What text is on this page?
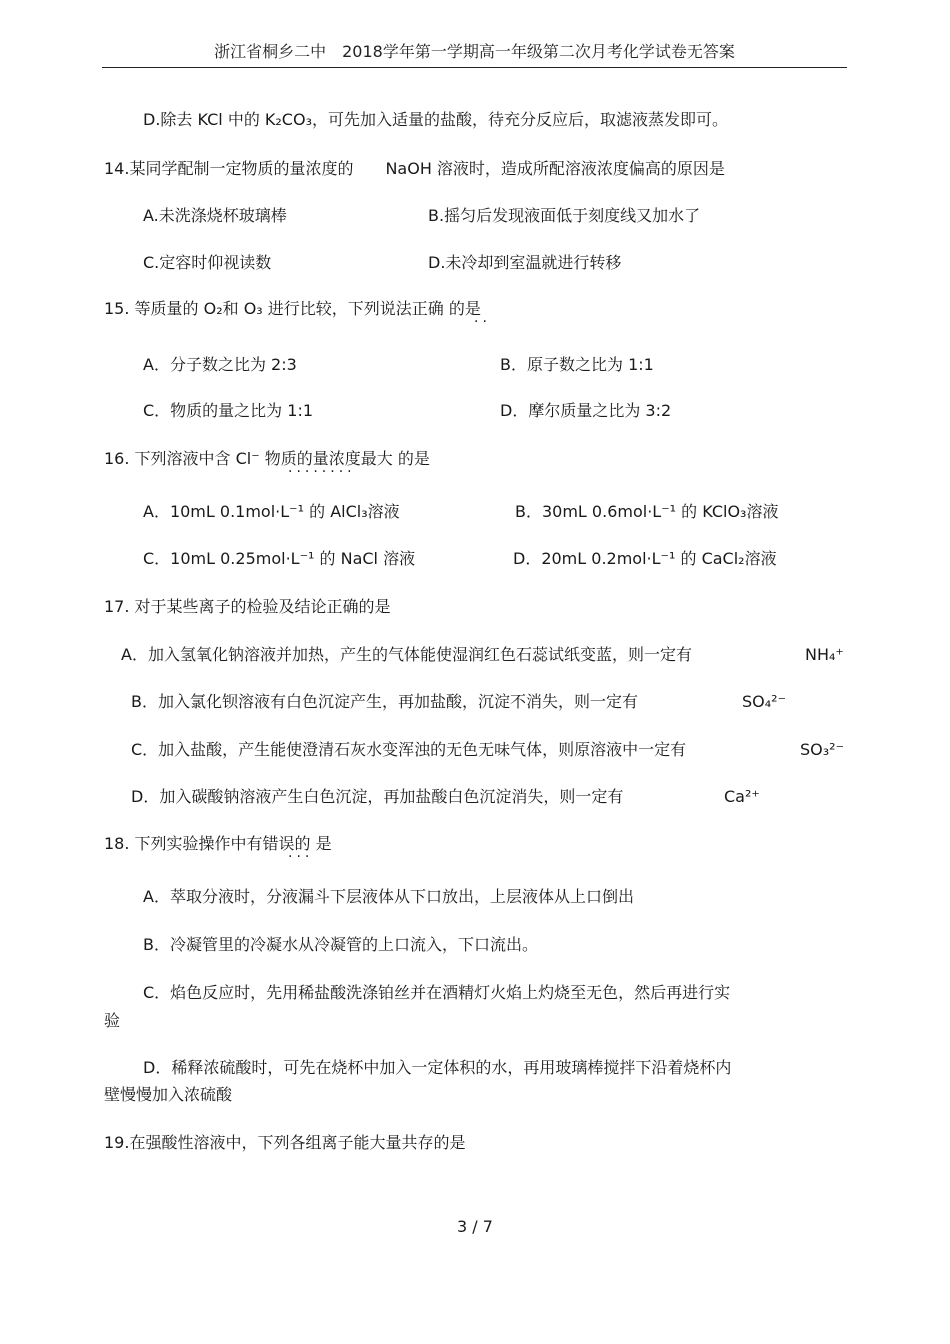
浙江省桐乡二中　2018学年第一学期高一年级第二次月考化学试卷无答案
D.除去 KCl 中的 K₂CO₃，可先加入适量的盐酸，待充分反应后，取滤液蒸发即可。
14.某同学配制一定物质的量浓度的　　NaOH 溶液时，造成所配溶液浓度偏高的原因是
A.未洗涤烧杯玻璃棒	B.摇匀后发现液面低于刻度线又加水了
C.定容时仰视读数	D.未冷却到室温就进行转移
15. 等质量的 O₂和 O₃ 进行比较，下列说法正确 的是
··
A．分子数之比为 2:3	B．原子数之比为 1:1
C．物质的量之比为 1:1	D．摩尔质量之比为 3:2
16. 下列溶液中含 Cl⁻ 物质的量浓度最大 的是
········
A．10mL 0.1mol·L⁻¹ 的 AlCl₃溶液	B．30mL 0.6mol·L⁻¹ 的 KClO₃溶液
C．10mL 0.25mol·L⁻¹ 的 NaCl 溶液	D．20mL 0.2mol·L⁻¹ 的 CaCl₂溶液
17. 对于某些离子的检验及结论正确的是
A．加入氢氧化钠溶液并加热，产生的气体能使湿润红色石蕊试纸变蓝，则一定有	NH₄⁺
B．加入氯化钡溶液有白色沉淀产生，再加盐酸，沉淀不消失，则一定有	SO₄²⁻
C．加入盐酸，产生能使澄清石灰水变浑浊的无色无味气体，则原溶液中一定有	SO₃²⁻
D．加入碳酸钠溶液产生白色沉淀，再加盐酸白色沉淀消失，则一定有	Ca²⁺
18. 下列实验操作中有错误的 是
···
A．萃取分液时，分液漏斗下层液体从下口放出，上层液体从上口倒出
B．冷凝管里的冷凝水从冷凝管的上口流入，下口流出。
C．焰色反应时，先用稀盐酸洗涤铂丝并在酒精灯火焰上灼烧至无色，然后再进行实
验
D．稀释浓硫酸时，可先在烧杯中加入一定体积的水，再用玻璃棒搅拌下沿着烧杯内
壁慢慢加入浓硫酸
19.在强酸性溶液中，下列各组离子能大量共存的是
3 / 7
